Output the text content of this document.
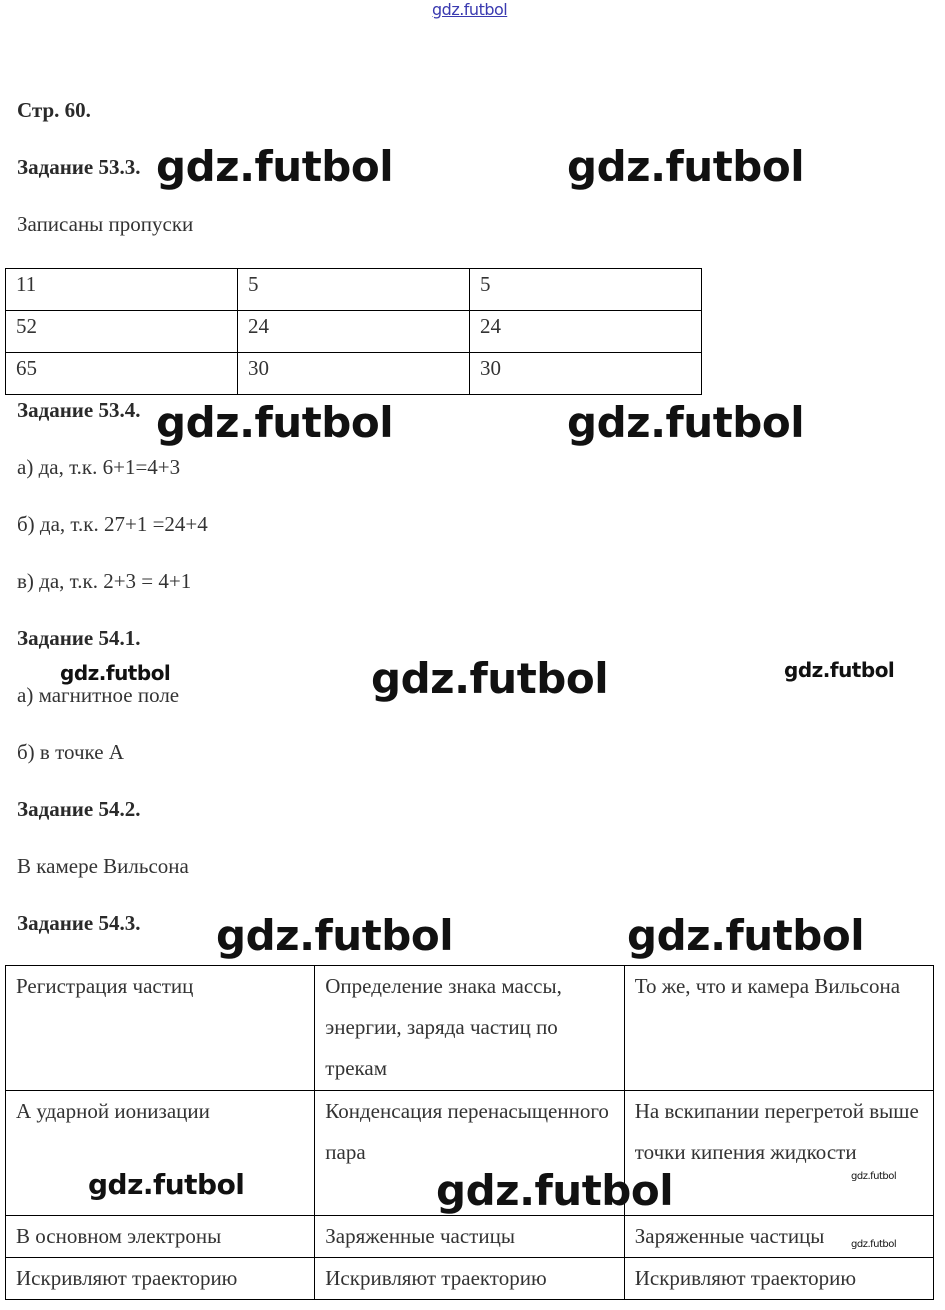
gdz.futbol
Стр. 60.
Задание 53.3.
Записаны пропуски
11	5	5

52	24	24

65	30	30
Задание 53.4.
а) да, т.к. 6+1=4+3
б) да, т.к. 27+1 =24+4
в) да, т.к. 2+3 = 4+1
Задание 54.1.
а) магнитное поле
б) в точке А
Задание 54.2.
В камере Вильсона
Задание 54.3.
Регистрация частиц	Определение знака массы, энергии, заряда частиц по трекам	То же, что и камера Вильсона

А ударной ионизации	Конденсация перенасыщенного пара	На вскипании перегретой выше точки кипения жидкости

В основном электроны	Заряженные частицы	Заряженные частицы

Искривляют траекторию	Искривляют траекторию	Искривляют траекторию
gdz.futbol	gdz.futbol
gdz.futbol	gdz.futbol
gdz.futbol	gdz.futbol	gdz.futbol
gdz.futbol	gdz.futbol
gdz.futbol	gdz.futbol	gdz.futbol
gdz.futbol
